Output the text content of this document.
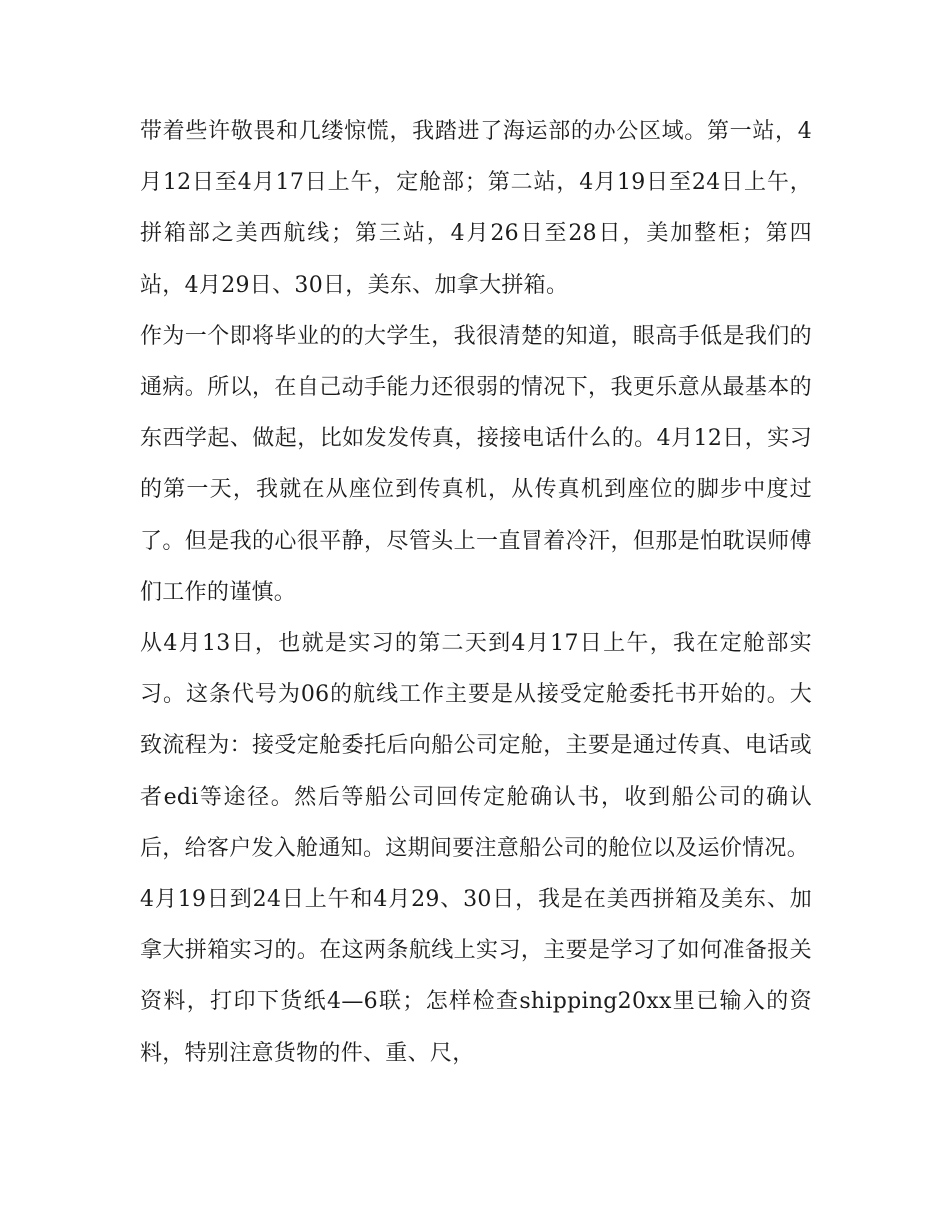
带着些许敬畏和几缕惊慌，我踏进了海运部的办公区域。第一站，4月12日至4月17日上午，定舱部；第二站，4月19日至24日上午，拼箱部之美西航线；第三站，4月26日至28日，美加整柜；第四站，4月29日、30日，美东、加拿大拼箱。

作为一个即将毕业的的大学生，我很清楚的知道，眼高手低是我们的通病。所以，在自己动手能力还很弱的情况下，我更乐意从最基本的东西学起、做起，比如发发传真，接接电话什么的。4月12日，实习的第一天，我就在从座位到传真机，从传真机到座位的脚步中度过了。但是我的心很平静，尽管头上一直冒着冷汗，但那是怕耽误师傅们工作的谨慎。

从4月13日，也就是实习的第二天到4月17日上午，我在定舱部实习。这条代号为06的航线工作主要是从接受定舱委托书开始的。大致流程为：接受定舱委托后向船公司定舱，主要是通过传真、电话或者edi等途径。然后等船公司回传定舱确认书，收到船公司的确认后，给客户发入舱通知。这期间要注意船公司的舱位以及运价情况。

4月19日到24日上午和4月29、30日，我是在美西拼箱及美东、加拿大拼箱实习的。在这两条航线上实习，主要是学习了如何准备报关资料，打印下货纸4—6联；怎样检查shipping20xx里已输入的资料，特别注意货物的件、重、尺，
